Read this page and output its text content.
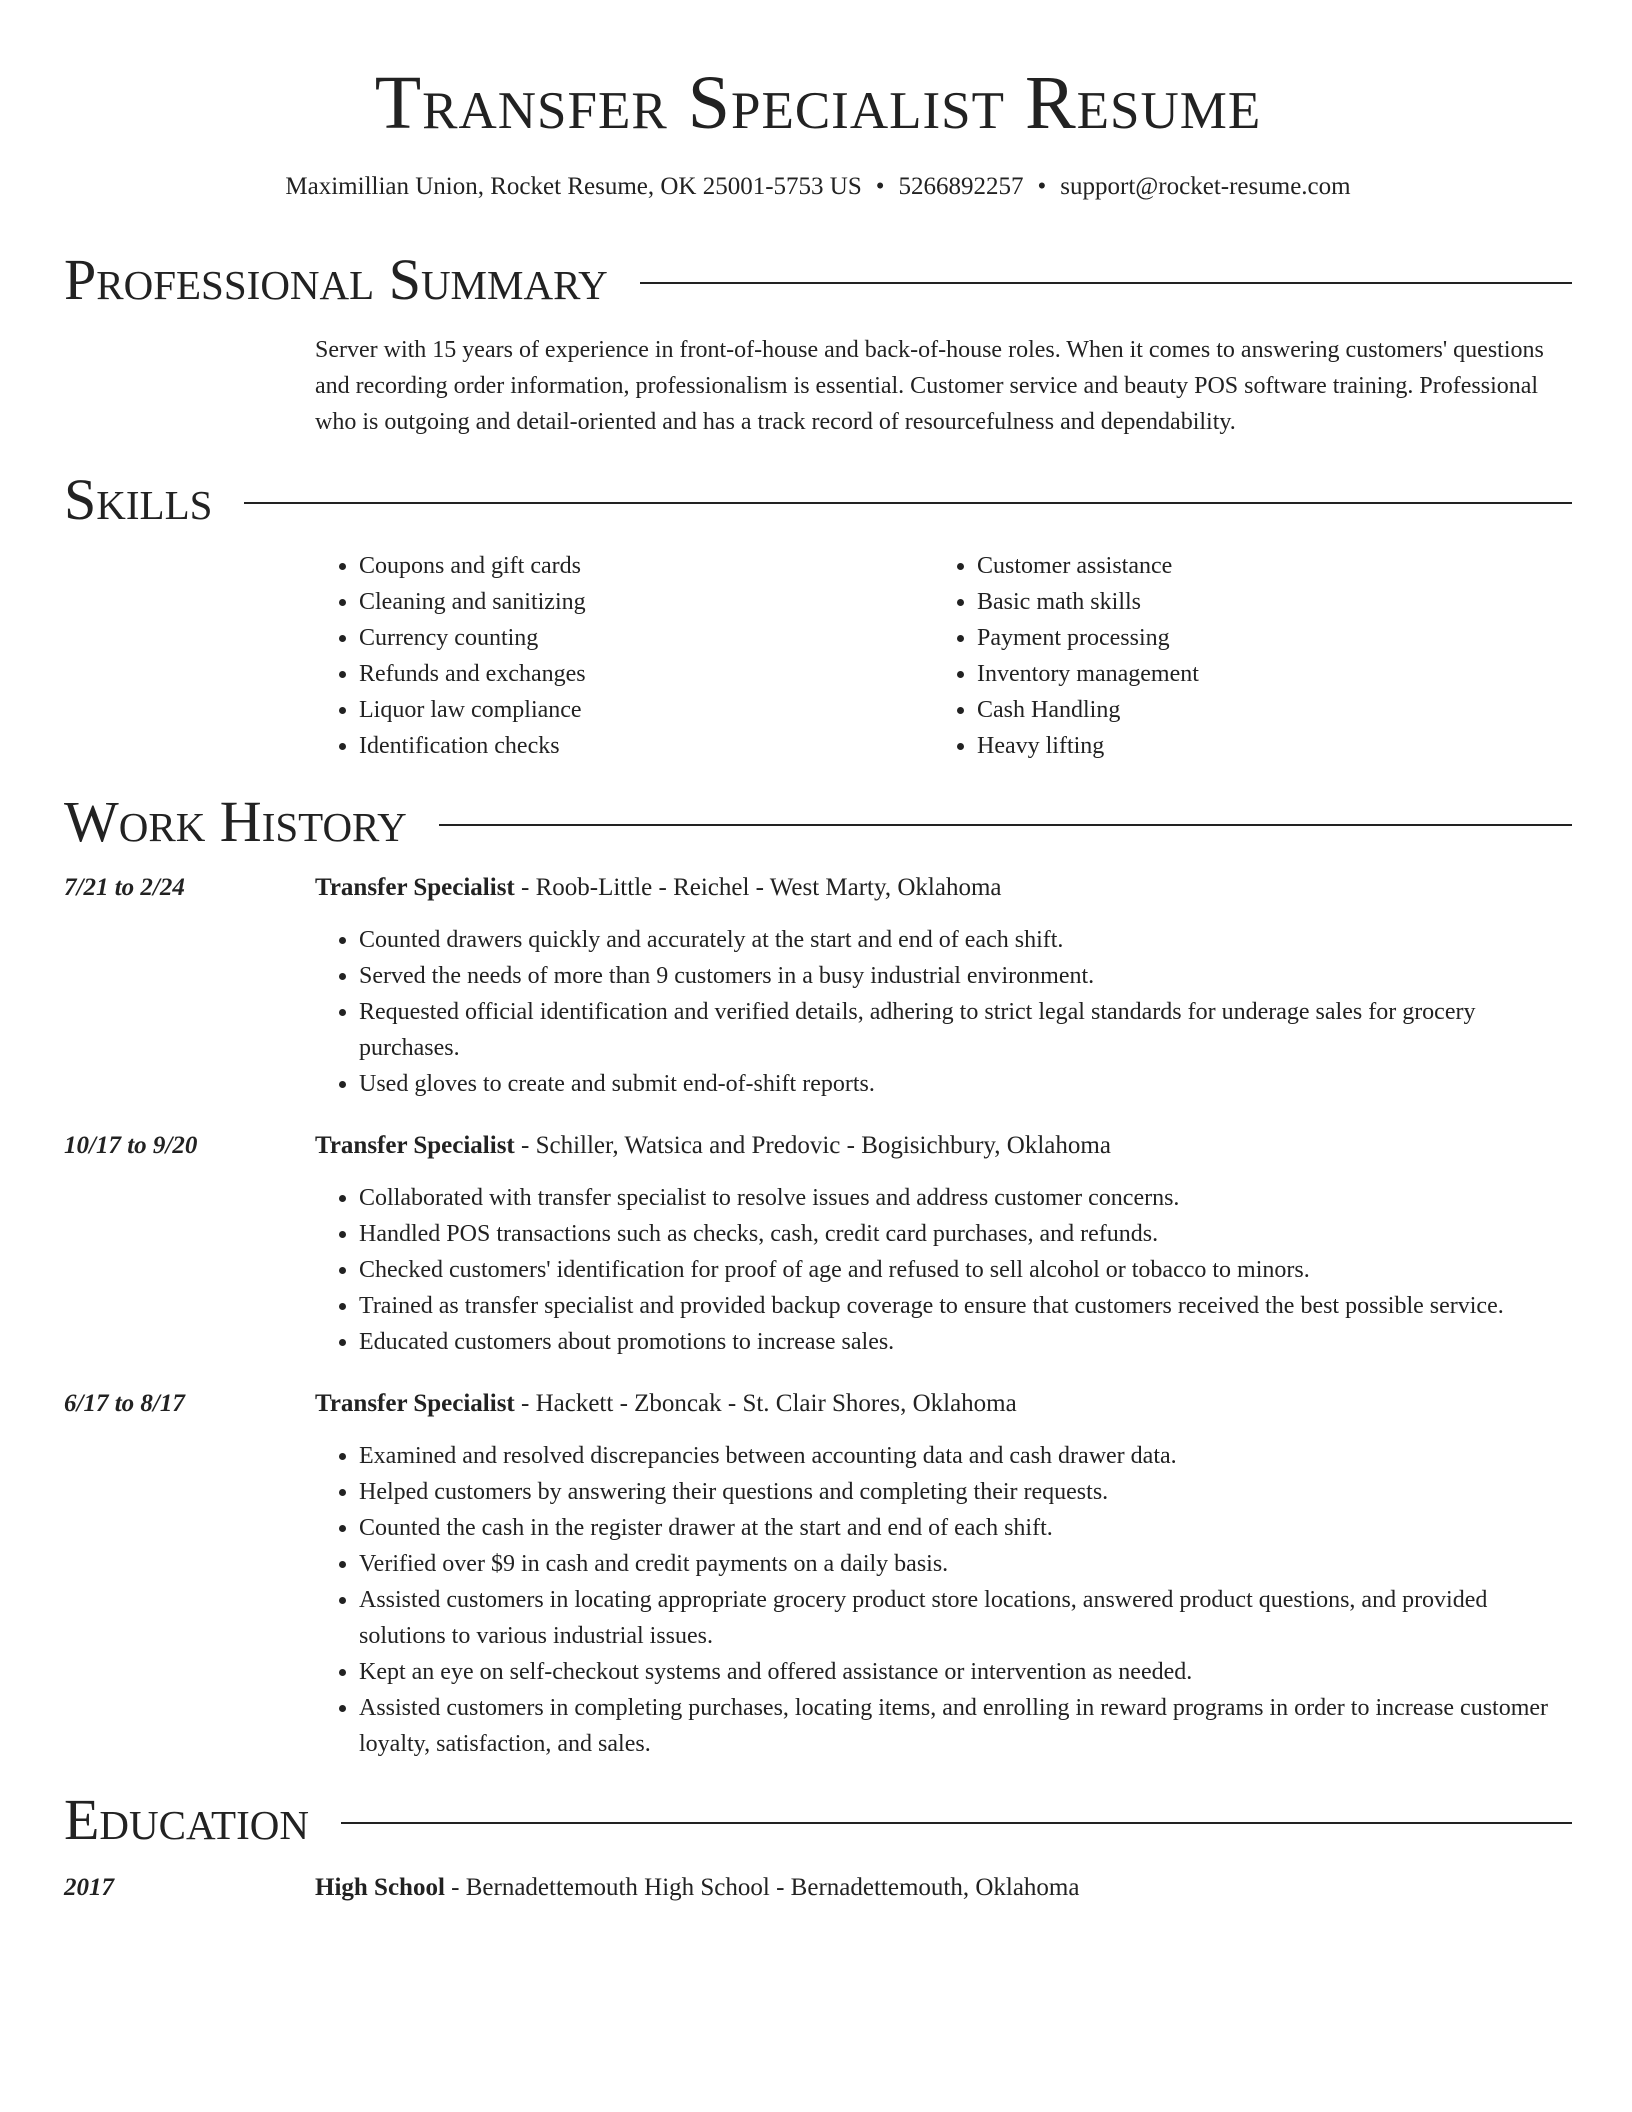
Transfer Specialist Resume
Maximillian Union, Rocket Resume, OK 25001-5753 US • 5266892257 • support@rocket-resume.com
Professional Summary
Server with 15 years of experience in front-of-house and back-of-house roles. When it comes to answering customers' questions and recording order information, professionalism is essential. Customer service and beauty POS software training. Professional who is outgoing and detail-oriented and has a track record of resourcefulness and dependability.
Skills
• Coupons and gift cards
• Cleaning and sanitizing
• Currency counting
• Refunds and exchanges
• Liquor law compliance
• Identification checks
• Customer assistance
• Basic math skills
• Payment processing
• Inventory management
• Cash Handling
• Heavy lifting
Work History
7/21 to 2/24	Transfer Specialist - Roob-Little - Reichel - West Marty, Oklahoma
• Counted drawers quickly and accurately at the start and end of each shift.
• Served the needs of more than 9 customers in a busy industrial environment.
• Requested official identification and verified details, adhering to strict legal standards for underage sales for grocery purchases.
• Used gloves to create and submit end-of-shift reports.
10/17 to 9/20	Transfer Specialist - Schiller, Watsica and Predovic - Bogisichbury, Oklahoma
• Collaborated with transfer specialist to resolve issues and address customer concerns.
• Handled POS transactions such as checks, cash, credit card purchases, and refunds.
• Checked customers' identification for proof of age and refused to sell alcohol or tobacco to minors.
• Trained as transfer specialist and provided backup coverage to ensure that customers received the best possible service.
• Educated customers about promotions to increase sales.
6/17 to 8/17	Transfer Specialist - Hackett - Zboncak - St. Clair Shores, Oklahoma
• Examined and resolved discrepancies between accounting data and cash drawer data.
• Helped customers by answering their questions and completing their requests.
• Counted the cash in the register drawer at the start and end of each shift.
• Verified over $9 in cash and credit payments on a daily basis.
• Assisted customers in locating appropriate grocery product store locations, answered product questions, and provided solutions to various industrial issues.
• Kept an eye on self-checkout systems and offered assistance or intervention as needed.
• Assisted customers in completing purchases, locating items, and enrolling in reward programs in order to increase customer loyalty, satisfaction, and sales.
Education
2017	High School - Bernadettemouth High School - Bernadettemouth, Oklahoma
